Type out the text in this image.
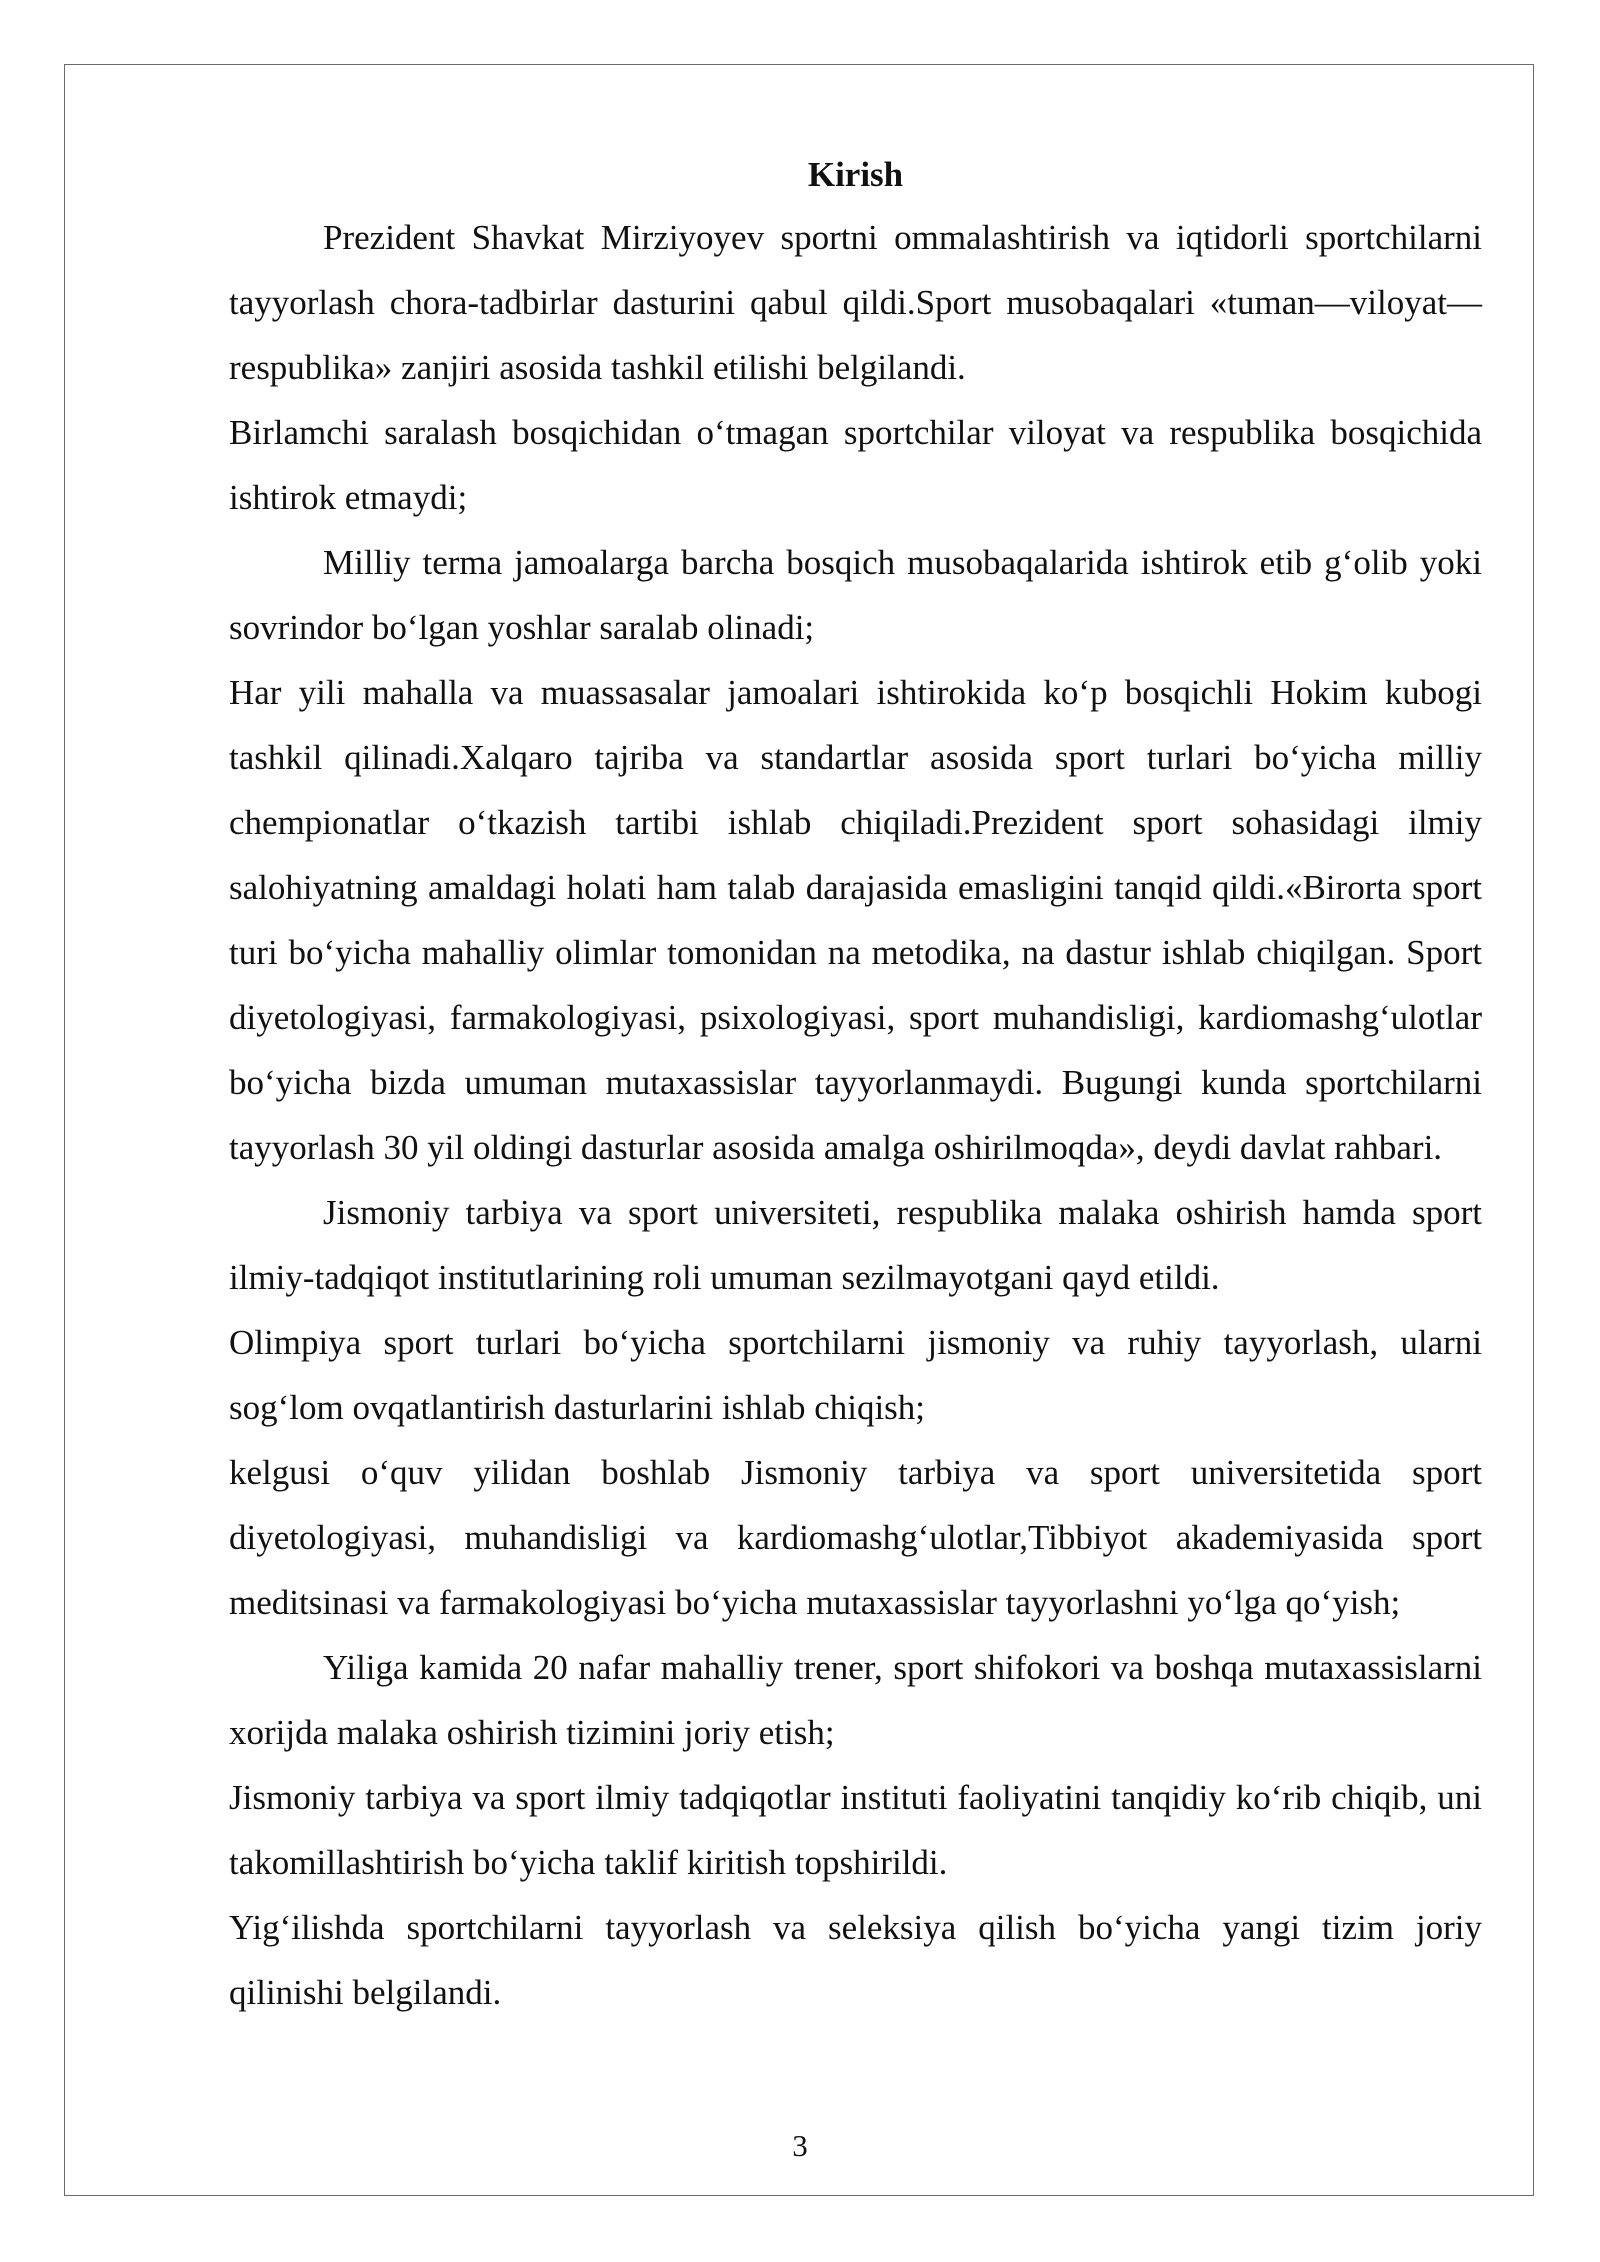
Kirish

Prezident Shavkat Mirziyoyev sportni ommalashtirish va iqtidorli sportchilarni tayyorlash chora-tadbirlar dasturini qabul qildi.Sport musobaqalari «tuman—viloyat—respublika» zanjiri asosida tashkil etilishi belgilandi.

Birlamchi saralash bosqichidan o‘tmagan sportchilar viloyat va respublika bosqichida ishtirok etmaydi;

Milliy terma jamoalarga barcha bosqich musobaqalarida ishtirok etib g‘olib yoki sovrindor bo‘lgan yoshlar saralab olinadi;

Har yili mahalla va muassasalar jamoalari ishtirokida ko‘p bosqichli Hokim kubogi tashkil qilinadi.Xalqaro tajriba va standartlar asosida sport turlari bo‘yicha milliy chempionatlar o‘tkazish tartibi ishlab chiqiladi.Prezident sport sohasidagi ilmiy salohiyatning amaldagi holati ham talab darajasida emasligini tanqid qildi.«Birorta sport turi bo‘yicha mahalliy olimlar tomonidan na metodika, na dastur ishlab chiqilgan. Sport diyetologiyasi, farmakologiyasi, psixologiyasi, sport muhandisligi, kardiomashg‘ulotlar bo‘yicha bizda umuman mutaxassislar tayyorlanmaydi. Bugungi kunda sportchilarni tayyorlash 30 yil oldingi dasturlar asosida amalga oshirilmoqda», deydi davlat rahbari.

Jismoniy tarbiya va sport universiteti, respublika malaka oshirish hamda sport ilmiy-tadqiqot institutlarining roli umuman sezilmayotgani qayd etildi.

Olimpiya sport turlari bo‘yicha sportchilarni jismoniy va ruhiy tayyorlash, ularni sog‘lom ovqatlantirish dasturlarini ishlab chiqish;

kelgusi o‘quv yilidan boshlab Jismoniy tarbiya va sport universitetida sport diyetologiyasi, muhandisligi va kardiomashg‘ulotlar,Tibbiyot akademiyasida sport meditsinasi va farmakologiyasi bo‘yicha mutaxassislar tayyorlashni yo‘lga qo‘yish;

Yiliga kamida 20 nafar mahalliy trener, sport shifokori va boshqa mutaxassislarni xorijda malaka oshirish tizimini joriy etish;

Jismoniy tarbiya va sport ilmiy tadqiqotlar instituti faoliyatini tanqidiy ko‘rib chiqib, uni takomillashtirish bo‘yicha taklif kiritish topshirildi.

Yig‘ilishda sportchilarni tayyorlash va seleksiya qilish bo‘yicha yangi tizim joriy qilinishi belgilandi.

3
